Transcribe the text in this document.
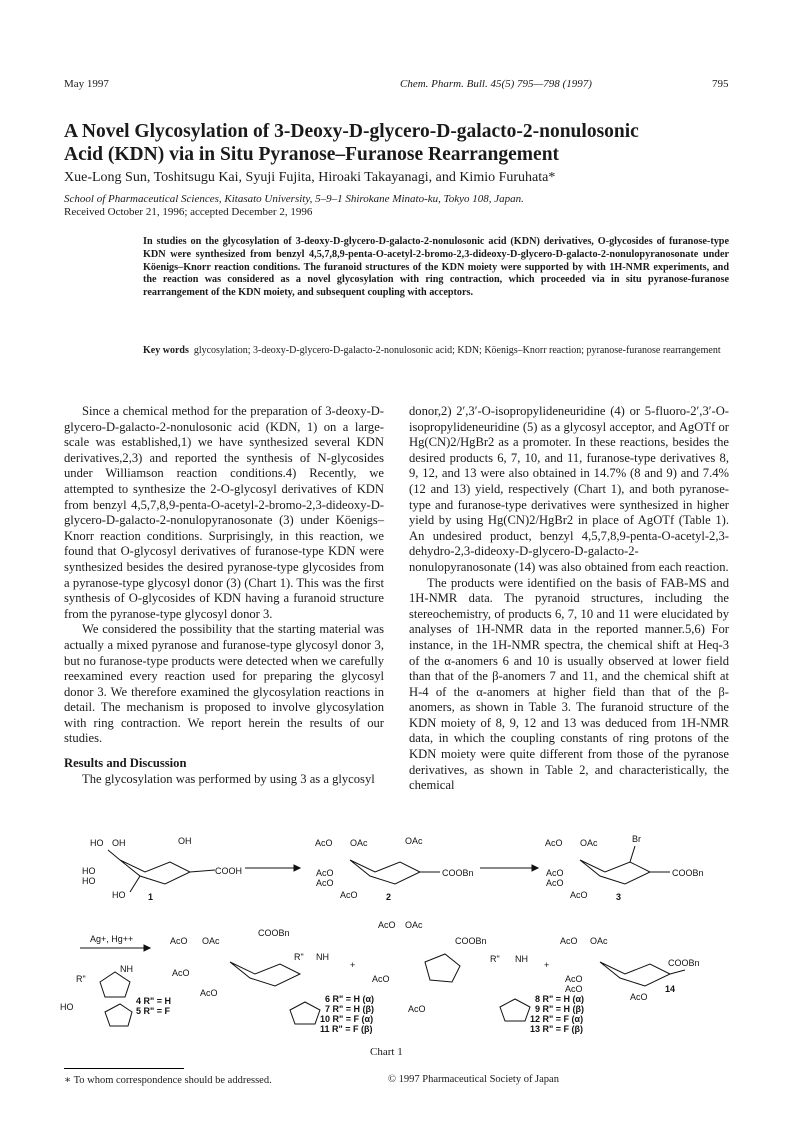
May 1997	Chem. Pharm. Bull. 45(5) 795—798 (1997)	795
A Novel Glycosylation of 3-Deoxy-D-glycero-D-galacto-2-nonulosonic
Acid (KDN) via in Situ Pyranose–Furanose Rearrangement
Xue-Long Sun, Toshitsugu Kai, Syuji Fujita, Hiroaki Takayanagi, and Kimio Furuhata*
School of Pharmaceutical Sciences, Kitasato University, 5–9–1 Shirokane Minato-ku, Tokyo 108, Japan.
Received October 21, 1996; accepted December 2, 1996
In studies on the glycosylation of 3-deoxy-D-glycero-D-galacto-2-nonulosonic acid (KDN) derivatives, O-glycosides of furanose-type KDN were synthesized from benzyl 4,5,7,8,9-penta-O-acetyl-2-bromo-2,3-dideoxy-D-glycero-D-galacto-2-nonulopyranosonate under Köenigs–Knorr reaction conditions. The furanoid structures of the KDN moiety were supported by with 1H-NMR experiments, and the reaction was considered as a novel glycosylation with ring contraction, which proceeded via in situ pyranose-furanose rearrangement of the KDN moiety, and subsequent coupling with acceptors.
Key words glycosylation; 3-deoxy-D-glycero-D-galacto-2-nonulosonic acid; KDN; Köenigs–Knorr reaction; pyranose-furanose rearrangement

Since a chemical method for the preparation of 3-deoxy-D-glycero-D-galacto-2-nonulosonic acid (KDN, 1) on a large-scale was established,1) we have synthesized several KDN derivatives,2,3) and reported the synthesis of N-glycosides under Williamson reaction conditions.4) Recently, we attempted to synthesize the 2-O-glycosyl derivatives of KDN from benzyl 4,5,7,8,9-penta-O-acetyl-2-bromo-2,3-dideoxy-D-glycero-D-galacto-2-nonulopyranosonate (3) under Köenigs–Knorr reaction conditions. Surprisingly, in this reaction, we found that O-glycosyl derivatives of furanose-type KDN were synthesized besides the desired pyranose-type glycosides from a pyranose-type glycosyl donor (3) (Chart 1). This was the first synthesis of O-glycosides of KDN having a furanoid structure from the pyranose-type glycosyl donor 3.

We considered the possibility that the starting material was actually a mixed pyranose and furanose-type glycosyl donor 3, but no furanose-type products were detected when we carefully reexamined every reaction used for preparing the glycosyl donor 3. We therefore examined the glycosylation reactions in detail. The mechanism is proposed to involve glycosylation with ring contraction. We report herein the results of our studies.

Results and Discussion

The glycosylation was performed by using 3 as a glycosyl

donor,2) 2′,3′-O-isopropylideneuridine (4) or 5-fluoro-2′,3′-O-isopropylideneuridine (5) as a glycosyl acceptor, and AgOTf or Hg(CN)2/HgBr2 as a promoter. In these reactions, besides the desired products 6, 7, 10, and 11, furanose-type derivatives 8, 9, 12, and 13 were also obtained in 14.7% (8 and 9) and 7.4% (12 and 13) yield, respectively (Chart 1), and both pyranose-type and furanose-type derivatives were synthesized in higher yield by using Hg(CN)2/HgBr2 in place of AgOTf (Table 1). An undesired product, benzyl 4,5,7,8,9-penta-O-acetyl-2,3-dehydro-2,3-dideoxy-D-glycero-D-galacto-2-nonulopyranosonate (14) was also obtained from each reaction.

The products were identified on the basis of FAB-MS and 1H-NMR data. The pyranoid structures, including the stereochemistry, of products 6, 7, 10 and 11 were elucidated by analyses of 1H-NMR data in the reported manner.5,6) For instance, in the 1H-NMR spectra, the chemical shift at Heq-3 of the α-anomers 6 and 10 is usually observed at lower field than that of the β-anomers 7 and 11, and the chemical shift at H-4 of the α-anomers at higher field than that of the β-anomers, as shown in Table 3. The furanoid structure of the KDN moiety of 8, 9, 12 and 13 was deduced from 1H-NMR data, in which the coupling constants of ring protons of the KDN moiety were quite different from those of the pyranose derivatives, as shown in Table 2, and characteristically, the chemical

HO OH	OH
COOH
HO
HO
HO	1
AcO OAc	OAc
COOBn
AcO
AcO
AcO	2
AcO OAc	Br
COOBn
AcO
AcO
AcO	3
Ag+, Hg++
R"
NH
HO
4 R" = H
5 R" = F
AcO OAc
COOBn
AcO
AcO
R" NH
+
6 R" = H (α)
7 R" = H (β)
10 R" = F (α)
11 R" = F (β)
AcO OAc
AcO
AcO
COOBn
R" NH
+
8 R" = H (α)
9 R" = H (β)
12 R" = F (α)
13 R" = F (β)
AcO OAc
COOBn
AcO
AcO
AcO
14
Chart 1
∗ To whom correspondence should be addressed.	© 1997 Pharmaceutical Society of Japan
